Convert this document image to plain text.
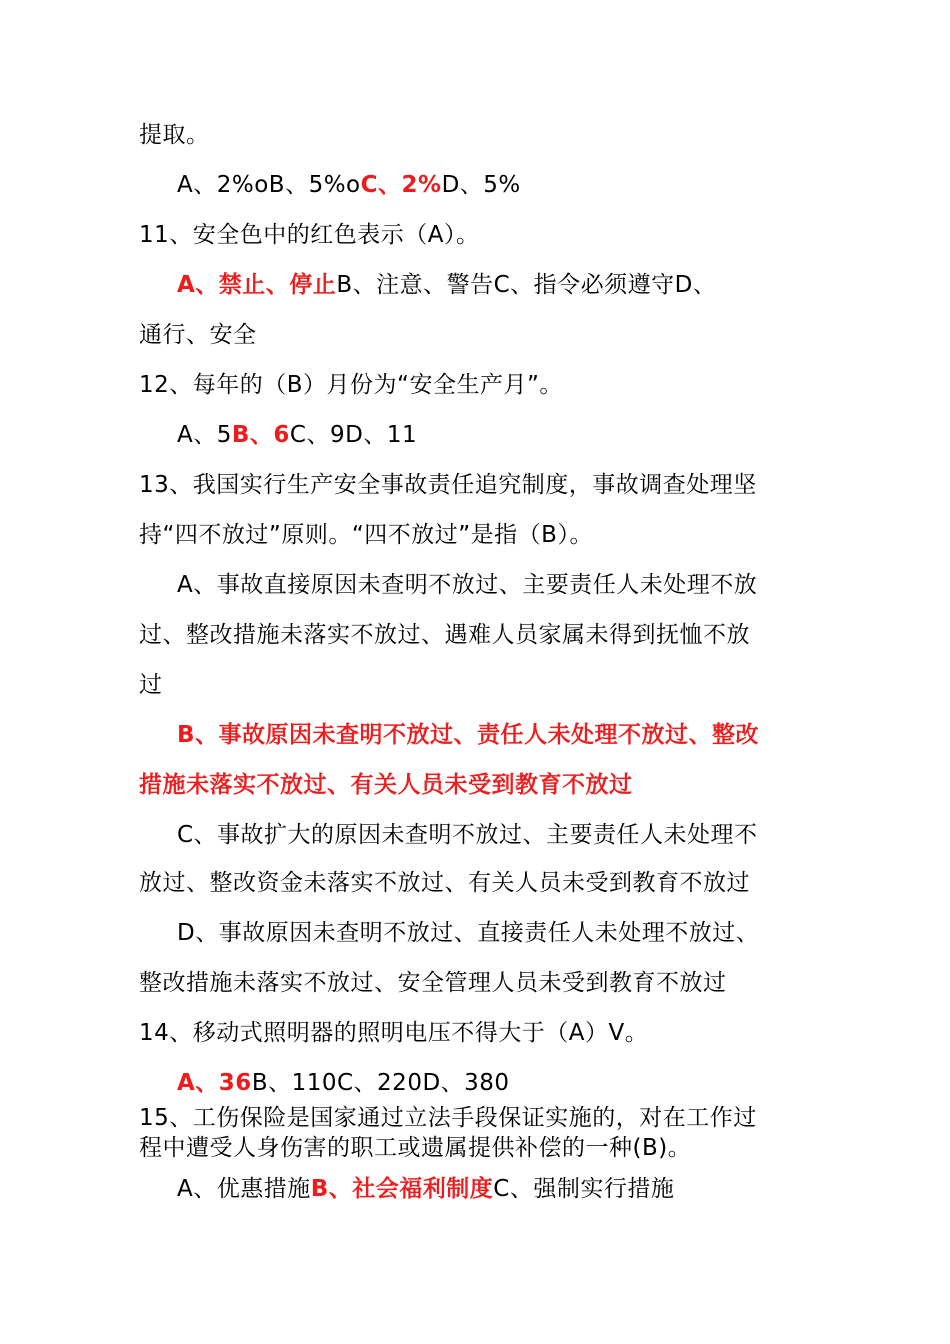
提取。
A、2%oB、5%oC、2%D、5%
11、安全色中的红色表示（A）。
A、禁止、停止B、注意、警告C、指令必须遵守D、
通行、安全
12、每年的（B）月份为“安全生产月”。
A、5B、6C、9D、11
13、我国实行生产安全事故责任追究制度，事故调查处理坚
持“四不放过”原则。“四不放过”是指（B）。
A、事故直接原因未查明不放过、主要责任人未处理不放
过、整改措施未落实不放过、遇难人员家属未得到抚恤不放
过
B、事故原因未查明不放过、责任人未处理不放过、整改
措施未落实不放过、有关人员未受到教育不放过
C、事故扩大的原因未查明不放过、主要责任人未处理不
放过、整改资金未落实不放过、有关人员未受到教育不放过
D、事故原因未查明不放过、直接责任人未处理不放过、
整改措施未落实不放过、安全管理人员未受到教育不放过
14、移动式照明器的照明电压不得大于（A）V。
A、36B、110C、220D、380
15、工伤保险是国家通过立法手段保证实施的，对在工作过
程中遭受人身伤害的职工或遗属提供补偿的一种(B)。
A、优惠措施B、社会福利制度C、强制实行措施
